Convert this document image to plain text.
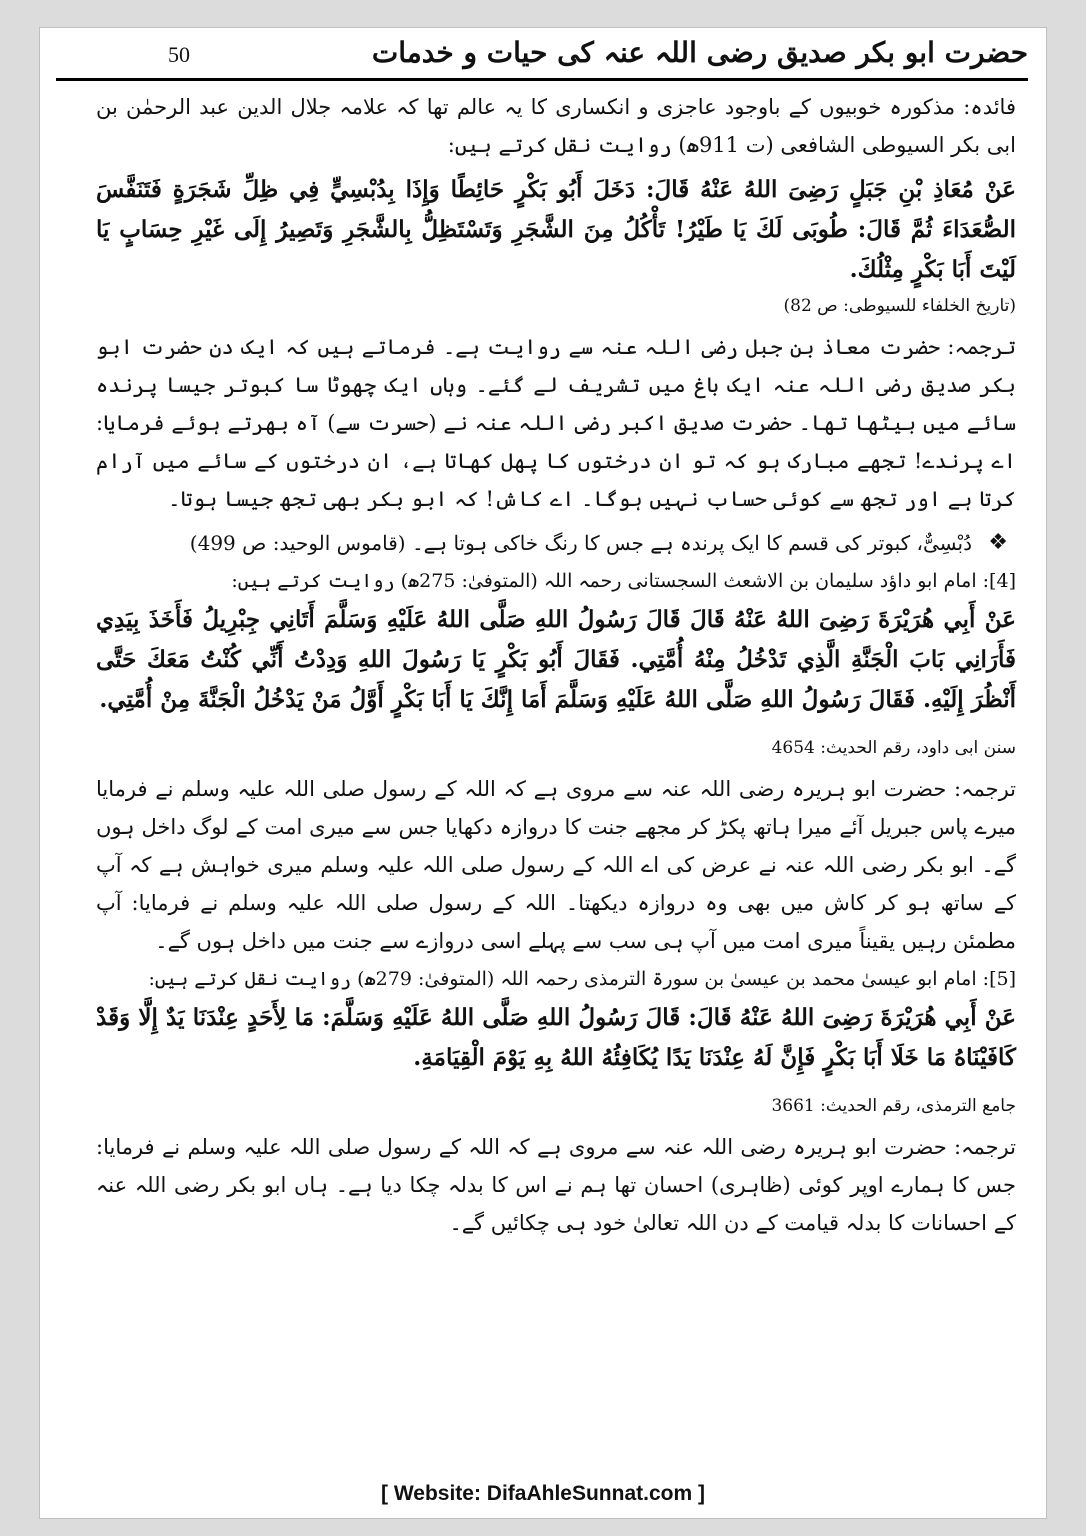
حضرت ابو بکر صدیق رضی اللہ عنہ کی حیات و خدمات
50

فائدہ: مذکورہ خوبیوں کے باوجود عاجزی و انکساری کا یہ عالم تھا کہ علامہ جلال الدین عبد الرحمٰن بن ابی بکر السیوطی الشافعی (ت 911ھ) روایت نقل کرتے ہیں:

عَنْ مُعَاذِ بْنِ جَبَلٍ رَضِیَ اللهُ عَنْهُ قَالَ: دَخَلَ أَبُو بَكْرٍ حَائِطًا وَإِذَا بِدُبْسِيٍّ فِي ظِلِّ شَجَرَةٍ فَتَنَفَّسَ الصُّعَدَاءَ ثُمَّ قَالَ: طُوبَى لَكَ يَا طَيْرُ! تَأْكُلُ مِنَ الشَّجَرِ وَتَسْتَظِلُّ بِالشَّجَرِ وَتَصِيرُ إِلَى غَيْرِ حِسَابٍ يَا لَيْتَ أَبَا بَكْرٍ مِثْلُكَ.

(تاریخ الخلفاء للسیوطی: ص 82)

ترجمہ: حضرت معاذ بن جبل رضی اللہ عنہ سے روایت ہے۔ فرماتے ہیں کہ ایک دن حضرت ابو بکر صدیق رضی اللہ عنہ ایک باغ میں تشریف لے گئے۔ وہاں ایک چھوٹا سا کبوتر جیسا پرندہ سائے میں بیٹھا تھا۔ حضرت صدیق اکبر رضی اللہ عنہ نے (حسرت سے) آہ بھرتے ہوئے فرمایا: اے پرندے! تجھے مبارک ہو کہ تو ان درختوں کا پھل کھاتا ہے، ان درختوں کے سائے میں آرام کرتا ہے اور تجھ سے کوئی حساب نہیں ہوگا۔ اے کاش! کہ ابو بکر بھی تجھ جیسا ہوتا۔

❖
دُبْسِیٌّ، کبوتر کی قسم کا ایک پرندہ ہے جس کا رنگ خاکی ہوتا ہے۔ (قاموس الوحید: ص 499)

[4]: امام ابو داؤد سلیمان بن الاشعث السجستانی رحمہ اللہ (المتوفیٰ: 275ھ) روایت کرتے ہیں:

عَنْ أَبِي هُرَيْرَةَ رَضِیَ اللهُ عَنْهُ قَالَ قَالَ رَسُولُ اللهِ صَلَّى اللهُ عَلَيْهِ وَسَلَّمَ أَتَانِي جِبْرِيلُ فَأَخَذَ بِيَدِي فَأَرَانِي بَابَ الْجَنَّةِ الَّذِي تَدْخُلُ مِنْهُ أُمَّتِي. فَقَالَ أَبُو بَكْرٍ يَا رَسُولَ اللهِ وَدِدْتُ أَنِّي كُنْتُ مَعَكَ حَتَّى أَنْظُرَ إِلَيْهِ. فَقَالَ رَسُولُ اللهِ صَلَّى اللهُ عَلَيْهِ وَسَلَّمَ أَمَا إِنَّكَ يَا أَبَا بَكْرٍ أَوَّلُ مَنْ يَدْخُلُ الْجَنَّةَ مِنْ أُمَّتِي.

سنن ابی داود، رقم الحدیث: 4654

ترجمہ: حضرت ابو ہریرہ رضی اللہ عنہ سے مروی ہے کہ اللہ کے رسول صلی اللہ علیہ وسلم نے فرمایا میرے پاس جبریل آئے میرا ہاتھ پکڑ کر مجھے جنت کا دروازہ دکھایا جس سے میری امت کے لوگ داخل ہوں گے۔ ابو بکر رضی اللہ عنہ نے عرض کی اے اللہ کے رسول صلی اللہ علیہ وسلم میری خواہش ہے کہ آپ کے ساتھ ہو کر کاش میں بھی وہ دروازہ دیکھتا۔ اللہ کے رسول صلی اللہ علیہ وسلم نے فرمایا: آپ مطمئن رہیں یقیناً میری امت میں آپ ہی سب سے پہلے اسی دروازے سے جنت میں داخل ہوں گے۔

[5]: امام ابو عیسیٰ محمد بن عیسیٰ بن سورۃ الترمذی رحمہ اللہ (المتوفیٰ: 279ھ) روایت نقل کرتے ہیں:

عَنْ أَبِي هُرَيْرَةَ رَضِیَ اللهُ عَنْهُ قَالَ: قَالَ رَسُولُ اللهِ صَلَّى اللهُ عَلَيْهِ وَسَلَّمَ: مَا لِأَحَدٍ عِنْدَنَا يَدٌ إِلَّا وَقَدْ كَافَيْنَاهُ مَا خَلَا أَبَا بَكْرٍ فَإِنَّ لَهُ عِنْدَنَا يَدًا يُكَافِئُهُ اللهُ بِهِ يَوْمَ الْقِيَامَةِ.

جامع الترمذی، رقم الحدیث: 3661

ترجمہ: حضرت ابو ہریرہ رضی اللہ عنہ سے مروی ہے کہ اللہ کے رسول صلی اللہ علیہ وسلم نے فرمایا: جس کا ہمارے اوپر کوئی (ظاہری) احسان تھا ہم نے اس کا بدلہ چکا دیا ہے۔ ہاں ابو بکر رضی اللہ عنہ کے احسانات کا بدلہ قیامت کے دن اللہ تعالیٰ خود ہی چکائیں گے۔

[ Website: DifaAhleSunnat.com ]
